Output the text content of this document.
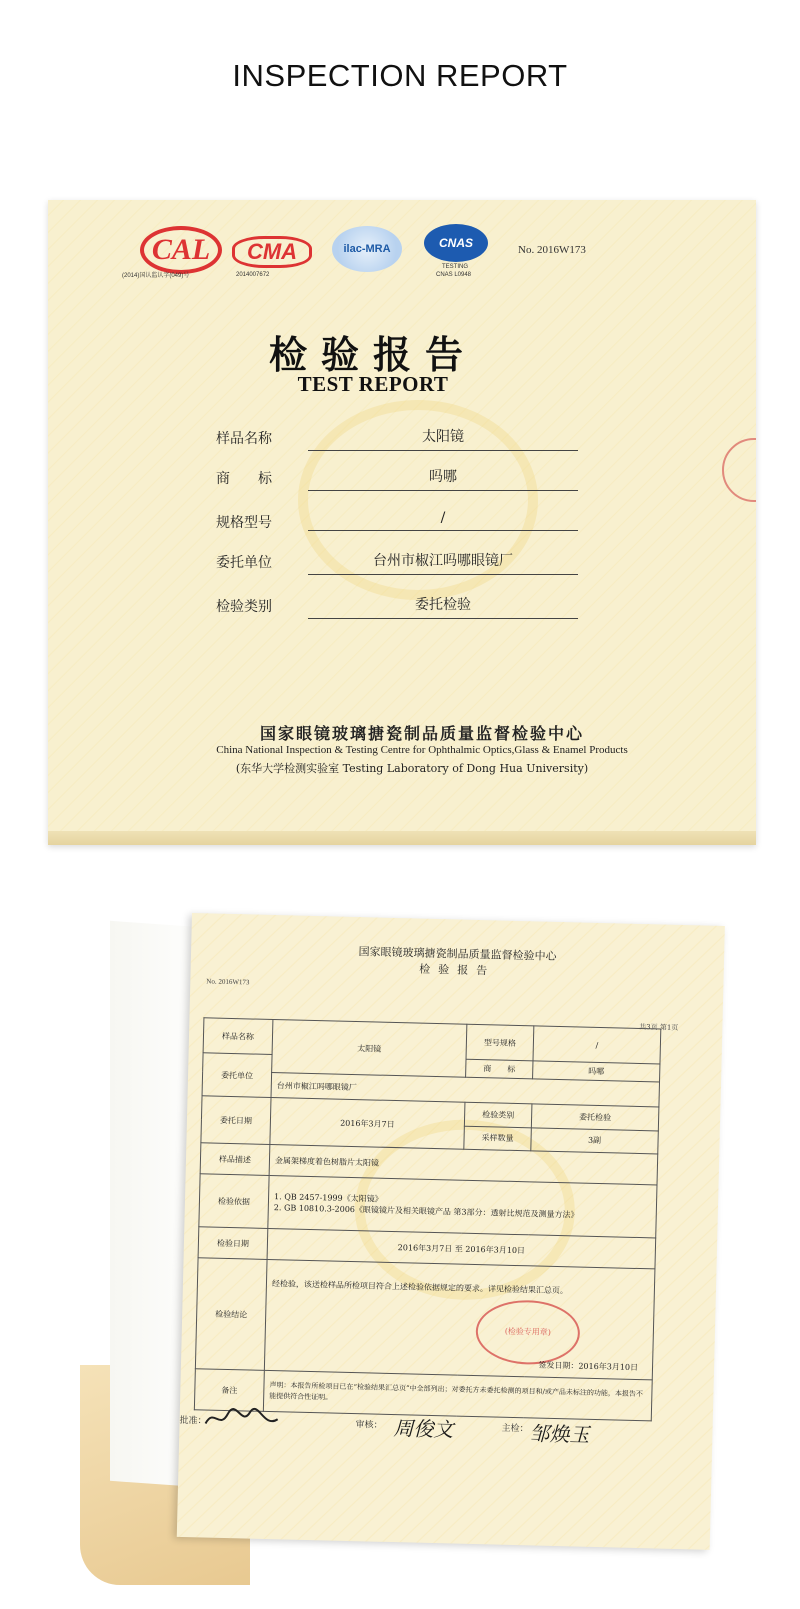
INSPECTION REPORT
CAL
(2014)国认监认字(049)号
CMA
2014007672
ilac-MRA	CNAS
TESTING
CNAS L0948
No. 2016W173
检验报告
TEST REPORT
样品名称	太阳镜
商　　标	吗哪
规格型号	/
委托单位	台州市椒江吗哪眼镜厂
检验类别	委托检验
国家眼镜玻璃搪瓷制品质量监督检验中心
China National Inspection & Testing Centre for Ophthalmic Optics,Glass & Enamel Products
(东华大学检测实验室 Testing Laboratory of Dong Hua University)
国家眼镜玻璃搪瓷制品质量监督检验中心
检验报告
No. 2016W173
共3页 第1页
样品名称	太阳镜	型号规格	/
委托单位		商　　标	吗哪
	台州市椒江吗哪眼镜厂		
委托日期	2016年3月7日	检验类别	委托检验
		采样数量	3副
样品描述	金属架梯度着色树脂片太阳镜		
检验依据	1. QB 2457-1999《太阳镜》
2. GB 10810.3-2006《眼镜镜片及相关眼镜产品 第3部分：透射比规范及测量方法》		

检验日期	2016年3月7日 至 2016年3月10日		
检验结论	经检验，该送检样品所检项目符合上述检验依据规定的要求。详见检验结果汇总页。
(检验专用章)
签发日期：2016年3月10日		

备注	声明：本报告所检项目已在“检验结果汇总页”中全部列出；对委托方未委托检测的项目和/或产品未标注的功能，本报告不能提供符合性证明。		
批准：	审核： 周俊文	主检： 邹焕玉
